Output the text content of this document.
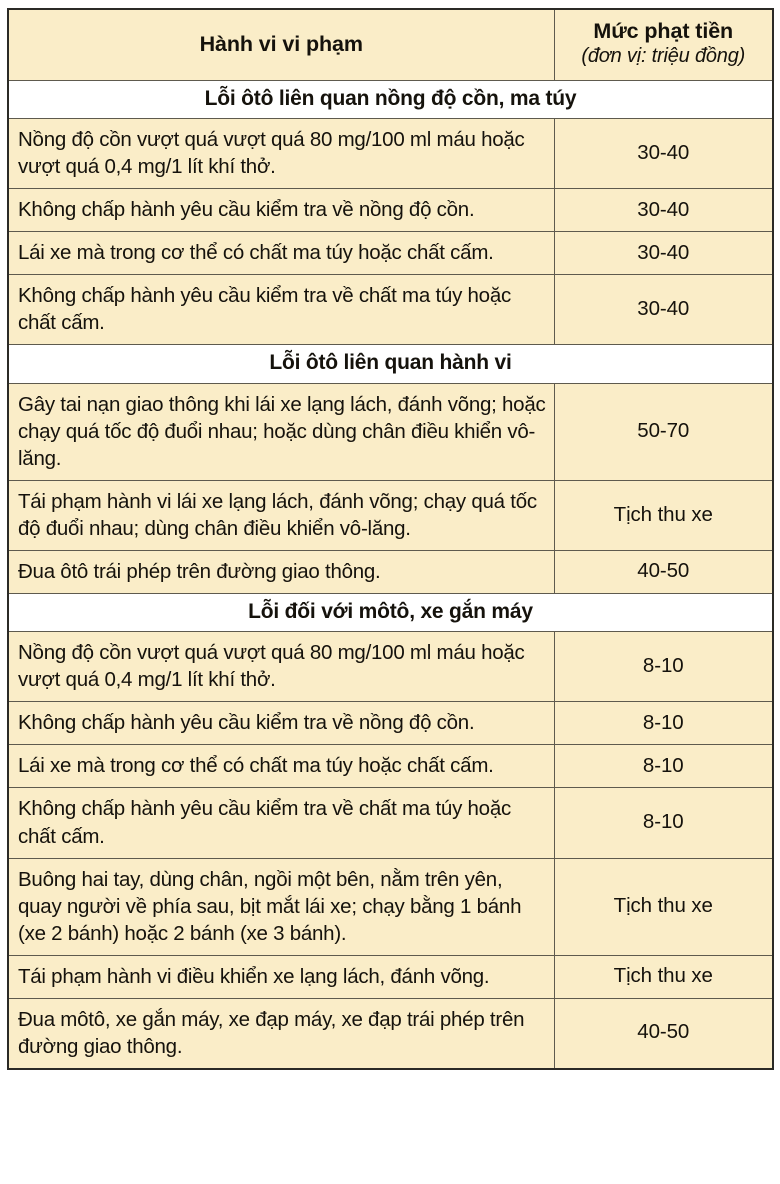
Hành vi vi phạm	Mức phạt tiền
(đơn vị: triệu đồng)

Lỗi ôtô liên quan nồng độ cồn, ma túy	
Nồng độ cồn vượt quá vượt quá 80 mg/100 ml máu hoặc vượt quá 0,4 mg/1 lít khí thở.	30-40
Không chấp hành yêu cầu kiểm tra về nồng độ cồn.	30-40
Lái xe mà trong cơ thể có chất ma túy hoặc chất cấm.	30-40
Không chấp hành yêu cầu kiểm tra về chất ma túy hoặc chất cấm.	30-40
Lỗi ôtô liên quan hành vi	
Gây tai nạn giao thông khi lái xe lạng lách, đánh võng; hoặc chạy quá tốc độ đuổi nhau; hoặc dùng chân điều khiển vô-lăng.	50-70
Tái phạm hành vi lái xe lạng lách, đánh võng; chạy quá tốc độ đuổi nhau; dùng chân điều khiển vô-lăng.	Tịch thu xe
Đua ôtô trái phép trên đường giao thông.	40-50
Lỗi đối với môtô, xe gắn máy	
Nồng độ cồn vượt quá vượt quá 80 mg/100 ml máu hoặc vượt quá 0,4 mg/1 lít khí thở.	8-10
Không chấp hành yêu cầu kiểm tra về nồng độ cồn.	8-10
Lái xe mà trong cơ thể có chất ma túy hoặc chất cấm.	8-10
Không chấp hành yêu cầu kiểm tra về chất ma túy hoặc chất cấm.	8-10
Buông hai tay, dùng chân, ngồi một bên, nằm trên yên, quay người về phía sau, bịt mắt lái xe; chạy bằng 1 bánh (xe 2 bánh) hoặc 2 bánh (xe 3 bánh).	Tịch thu xe
Tái phạm hành vi điều khiển xe lạng lách, đánh võng.	Tịch thu xe
Đua môtô, xe gắn máy, xe đạp máy, xe đạp trái phép trên đường giao thông.	40-50
